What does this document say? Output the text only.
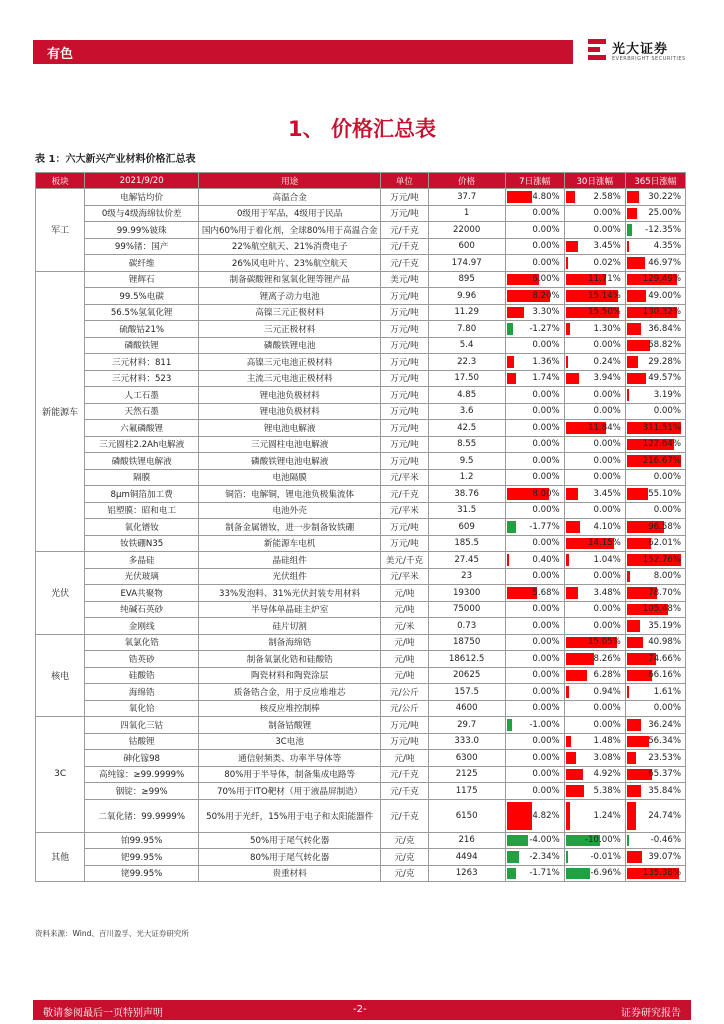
有色	光大证券
EVERBRIGHT SECURITIES
1、 价格汇总表
表 1：六大新兴产业材料价格汇总表
板块	2021/9/20	用途	单位	价格	7日涨幅	30日涨幅	365日涨幅
军工	电解钴均价	高温合金	万元/吨	37.7	4.80%	2.58%	30.22%
	0级与4级海绵钛价差	0级用于军品，4级用于民品	万元/吨	1	0.00%	0.00%	25.00%
	99.99%铍珠	国内60%用于着化剂，全球80%用于高温合金	元/千克	22000	0.00%	0.00%	-12.35%
	99%锗：国产	22%航空航天、21%消费电子	元/千克	600	0.00%	3.45%	4.35%
	碳纤维	26%风电叶片、23%航空航天	元/千克	174.97	0.00%	0.02%	46.97%
新能源车	锂辉石	制备碳酸锂和氢氧化锂等锂产品	美元/吨	895	6.00%	11.71%	129.49%
	99.5%电碳	锂离子动力电池	万元/吨	9.96	8.20%	15.14%	49.00%
	56.5%氢氧化锂	高镍三元正极材料	万元/吨	11.29	3.30%	15.50%	130.32%
	硫酸钴21%	三元正极材料	万元/吨	7.80	-1.27%	1.30%	36.84%
	磷酸铁锂	磷酸铁锂电池	万元/吨	5.4	0.00%	0.00%	58.82%
	三元材料：811	高镍三元电池正极材料	万元/吨	22.3	1.36%	0.24%	29.28%
	三元材料：523	主流三元电池正极材料	万元/吨	17.50	1.74%	3.94%	49.57%
	人工石墨	锂电池负极材料	万元/吨	4.85	0.00%	0.00%	3.19%
	天然石墨	锂电池负极材料	万元/吨	3.6	0.00%	0.00%	0.00%
	六氟磷酸锂	锂电池电解液	万元/吨	42.5	0.00%	11.84%	311.51%
	三元圆柱2.2Ah电解液	三元圆柱电池电解液	万元/吨	8.55	0.00%	0.00%	122.64%
	磷酸铁锂电解液	磷酸铁锂电池电解液	万元/吨	9.5	0.00%	0.00%	216.67%
	隔膜	电池隔膜	元/平米	1.2	0.00%	0.00%	0.00%
	8μm铜箔加工费	铜箔：电解铜，锂电池负极集流体	元/千克	38.76	8.00%	3.45%	55.10%
	铝塑膜：昭和电工	电池外壳	元/平米	31.5	0.00%	0.00%	0.00%
	氧化镨钕	制备金属镨钕，进一步制备钕铁硼	万元/吨	609	-1.77%	4.10%	96.58%
	钕铁硼N35	新能源车电机	万元/吨	185.5	0.00%	14.15%	62.01%
光伏	多晶硅	晶硅组件	美元/千克	27.45	0.40%	1.04%	152.76%
	光伏玻璃	光伏组件	元/平米	23	0.00%	0.00%	8.00%
	EVA共聚物	33%发泡料、31%光伏封装专用材料	元/吨	19300	5.68%	3.48%	78.70%
	纯碱石英砂	半导体单晶硅主炉室	元/吨	75000	0.00%	0.00%	105.48%
	金刚线	硅片切割	元/米	0.73	0.00%	0.00%	35.19%
核电	氧氯化锆	制备海绵锆	元/吨	18750	0.00%	15.05%	40.98%
	锆英砂	制备氧氯化锆和硅酸锆	元/吨	18612.5	0.00%	8.26%	74.66%
	硅酸锆	陶瓷材料和陶瓷涂层	元/吨	20625	0.00%	6.28%	66.16%
	海绵锆	质备锆合金，用于反应堆堆芯	元/公斤	157.5	0.00%	0.94%	1.61%
	氧化铪	核反应堆控制棒	元/公斤	4600	0.00%	0.00%	0.00%
3C	四氧化三钴	制备钴酸锂	万元/吨	29.7	-1.00%	0.00%	36.24%
	钴酸锂	3C电池	万元/吨	333.0	0.00%	1.48%	56.34%
	砷化镓98	通信射频类、功率半导体等	元/吨	6300	0.00%	3.08%	23.53%
	高纯镓：≥99.9999%	80%用于半导体，制备集成电路等	元/千克	2125	0.00%	4.92%	65.37%
	铟锭：≥99%	70%用于ITO靶材（用于液晶屏制造）	元/千克	1175	0.00%	5.38%	35.84%
	二氧化锗：99.9999%	50%用于光纤，15%用于电子和太阳能器件	元/千克	6150	4.82%	1.24%	24.74%
其他	铂99.95%	50%用于尾气转化器	元/克	216	-4.00%	-10.00%	-0.46%
	钯99.95%	80%用于尾气转化器	元/克	4494	-2.34%	-0.01%	39.07%
	铑99.95%	贵重材料	元/克	1263	-1.71%	-6.96%	135.38%
资料来源：Wind、百川盈孚、光大证券研究所
敬请参阅最后一页特别声明	-2-	证券研究报告
